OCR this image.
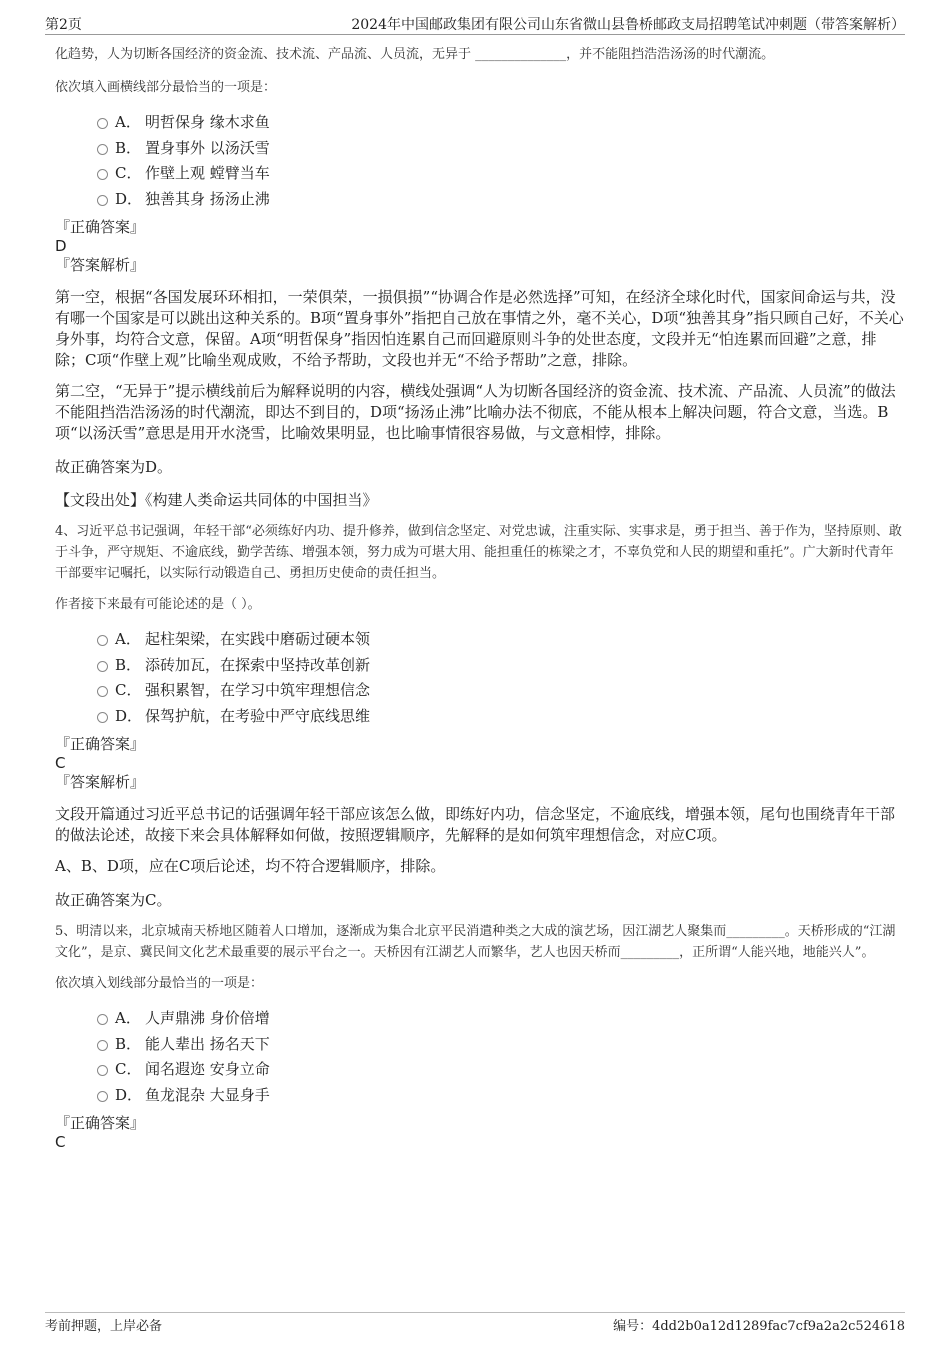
第2页	2024年中国邮政集团有限公司山东省微山县鲁桥邮政支局招聘笔试冲刺题（带答案解析）

化趋势，人为切断各国经济的资金流、技术流、产品流、人员流，无异于 ______________，并不能阻挡浩浩汤汤的时代潮流。

依次填入画横线部分最恰当的一项是：

A． 明哲保身 缘木求鱼
B． 置身事外 以汤沃雪
C． 作壁上观 螳臂当车
D． 独善其身 扬汤止沸

『正确答案』

D

『答案解析』

第一空，根据“各国发展环环相扣，一荣俱荣，一损俱损”“协调合作是必然选择”可知，在经济全球化时代，国家间命运与共，没有哪一个国家是可以跳出这种关系的。B项“置身事外”指把自己放在事情之外，毫不关心，D项“独善其身”指只顾自己好，不关心身外事，均符合文意，保留。A项“明哲保身”指因怕连累自己而回避原则斗争的处世态度，文段并无“怕连累而回避”之意，排除；C项“作壁上观”比喻坐观成败，不给予帮助，文段也并无“不给予帮助”之意，排除。

第二空，“无异于”提示横线前后为解释说明的内容，横线处强调“人为切断各国经济的资金流、技术流、产品流、人员流”的做法不能阻挡浩浩汤汤的时代潮流，即达不到目的，D项“扬汤止沸”比喻办法不彻底，不能从根本上解决问题，符合文意，当选。B项“以汤沃雪”意思是用开水浇雪，比喻效果明显，也比喻事情很容易做，与文意相悖，排除。

故正确答案为D。

【文段出处】《构建人类命运共同体的中国担当》

4、习近平总书记强调，年轻干部“必须练好内功、提升修养，做到信念坚定、对党忠诚，注重实际、实事求是，勇于担当、善于作为，坚持原则、敢于斗争，严守规矩、不逾底线，勤学苦练、增强本领，努力成为可堪大用、能担重任的栋梁之才，不辜负党和人民的期望和重托”。广大新时代青年干部要牢记嘱托，以实际行动锻造自己、勇担历史使命的责任担当。

作者接下来最有可能论述的是（ ）。

A． 起柱架梁，在实践中磨砺过硬本领
B． 添砖加瓦，在探索中坚持改革创新
C． 强积累智，在学习中筑牢理想信念
D． 保驾护航，在考验中严守底线思维

『正确答案』

C

『答案解析』

文段开篇通过习近平总书记的话强调年轻干部应该怎么做，即练好内功，信念坚定，不逾底线，增强本领，尾句也围绕青年干部的做法论述，故接下来会具体解释如何做，按照逻辑顺序，先解释的是如何筑牢理想信念，对应C项。

A、B、D项，应在C项后论述，均不符合逻辑顺序，排除。

故正确答案为C。

5、明清以来，北京城南天桥地区随着人口增加，逐渐成为集合北京平民消遣种类之大成的演艺场，因江湖艺人聚集而_________。天桥形成的“江湖文化”，是京、冀民间文化艺术最重要的展示平台之一。天桥因有江湖艺人而繁华，艺人也因天桥而_________，正所谓“人能兴地，地能兴人”。

依次填入划线部分最恰当的一项是：

A． 人声鼎沸 身价倍增
B． 能人辈出 扬名天下
C． 闻名遐迩 安身立命
D． 鱼龙混杂 大显身手

『正确答案』

C

考前押题，上岸必备	编号：4dd2b0a12d1289fac7cf9a2a2c524618
